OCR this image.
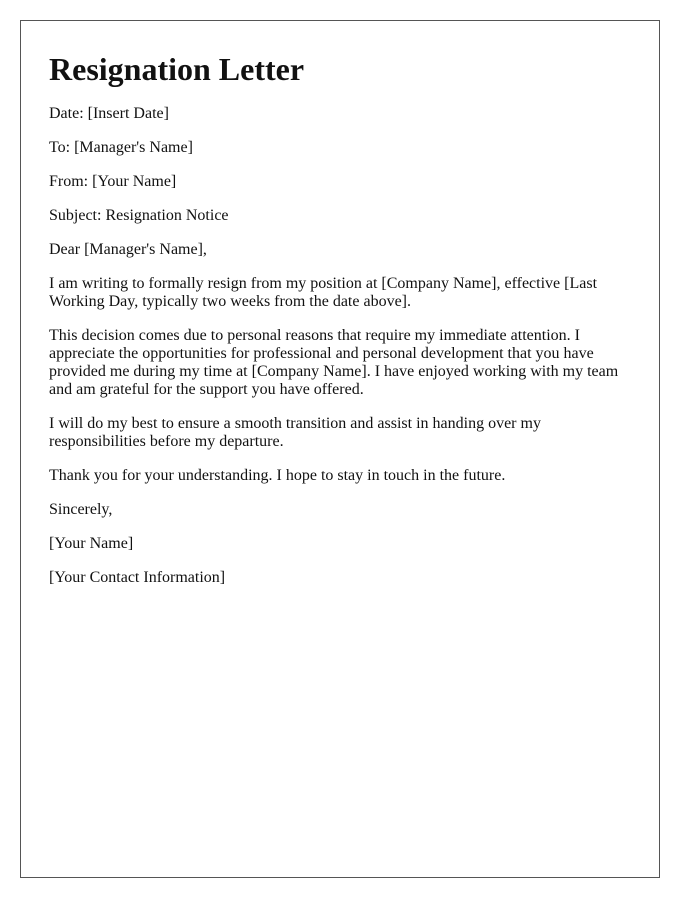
Resignation Letter

Date: [Insert Date]

To: [Manager's Name]

From: [Your Name]

Subject: Resignation Notice

Dear [Manager's Name],

I am writing to formally resign from my position at [Company Name], effective [Last Working Day, typically two weeks from the date above].

This decision comes due to personal reasons that require my immediate attention. I appreciate the opportunities for professional and personal development that you have provided me during my time at [Company Name]. I have enjoyed working with my team and am grateful for the support you have offered.

I will do my best to ensure a smooth transition and assist in handing over my responsibilities before my departure.

Thank you for your understanding. I hope to stay in touch in the future.

Sincerely,

[Your Name]

[Your Contact Information]
